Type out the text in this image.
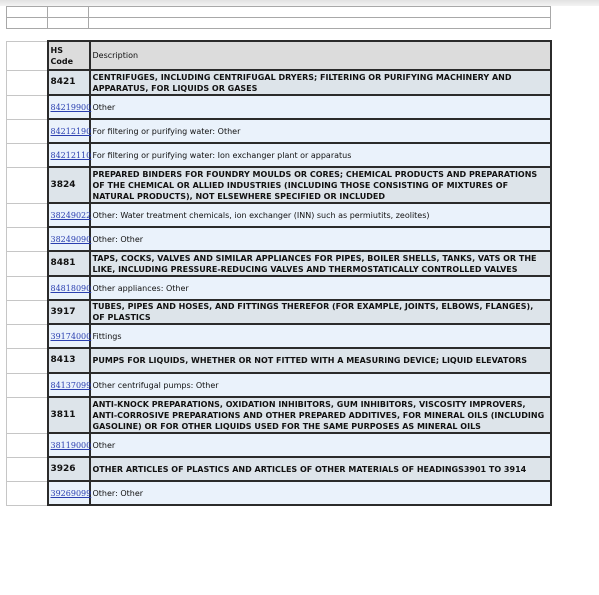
	HS Code	Description
	8421	CENTRIFUGES, INCLUDING CENTRIFUGAL DRYERS; FILTERING OR PURIFYING MACHINERY AND APPARATUS, FOR LIQUIDS OR GASES
	84219900	Other
	84212190	For filtering or purifying water: Other
	84212110	For filtering or purifying water: Ion exchanger plant or apparatus
	3824	PREPARED BINDERS FOR FOUNDRY MOULDS OR CORES; CHEMICAL PRODUCTS AND PREPARATIONS OF THE CHEMICAL OR ALLIED INDUSTRIES (INCLUDING THOSE CONSISTING OF MIXTURES OF NATURAL PRODUCTS), NOT ELSEWHERE SPECIFIED OR INCLUDED
	38249022	Other: Water treatment chemicals, ion exchanger (INN) such as permiutits, zeolites)
	38249090	Other: Other
	8481	TAPS, COCKS, VALVES AND SIMILAR APPLIANCES FOR PIPES, BOILER SHELLS, TANKS, VATS OR THE LIKE, INCLUDING PRESSURE-REDUCING VALVES AND THERMOSTATICALLY CONTROLLED VALVES
	84818090	Other appliances: Other
	3917	TUBES, PIPES AND HOSES, AND FITTINGS THEREFOR (FOR EXAMPLE, JOINTS, ELBOWS, FLANGES), OF PLASTICS
	39174000	Fittings
	8413	PUMPS FOR LIQUIDS, WHETHER OR NOT FITTED WITH A MEASURING DEVICE; LIQUID ELEVATORS
	84137099	Other centrifugal pumps: Other
	3811	ANTI-KNOCK PREPARATIONS, OXIDATION INHIBITORS, GUM INHIBITORS, VISCOSITY IMPROVERS, ANTI-CORROSIVE PREPARATIONS AND OTHER PREPARED ADDITIVES, FOR MINERAL OILS (INCLUDING GASOLINE) OR FOR OTHER LIQUIDS USED FOR THE SAME PURPOSES AS MINERAL OILS
	38119000	Other
	3926	OTHER ARTICLES OF PLASTICS AND ARTICLES OF OTHER MATERIALS OF HEADINGS3901 TO 3914
	39269099	Other: Other
